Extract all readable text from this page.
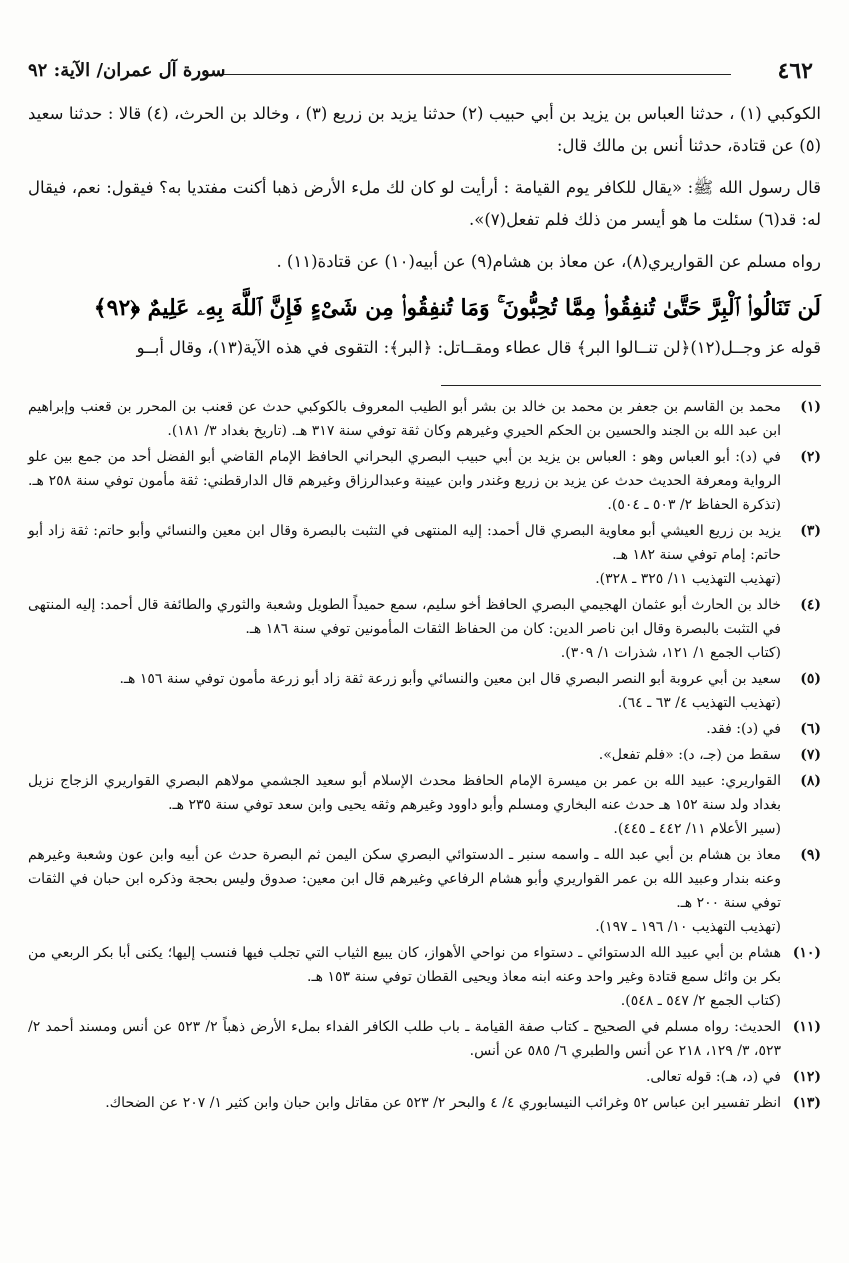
٤٦٢
سورة آل عمران/ الآية: ٩٢

الكوكبي (١) ، حدثنا العباس بن يزيد بن أبي حبيب (٢) حدثنا يزيد بن زريع (٣) ، وخالد بن الحرث، (٤) قالا : حدثنا سعيد (٥) عن قتادة، حدثنا أنس بن مالك قال:

قال رسول الله ﷺ: «يقال للكافر يوم القيامة : أرأيت لو كان لك ملء الأرض ذهبا أكنت مفتديا به؟ فيقول: نعم، فيقال له: قد(٦) سئلت ما هو أيسر من ذلك فلم تفعل(٧)».

رواه مسلم عن القواريري(٨)، عن معاذ بن هشام(٩) عن أبيه(١٠) عن قتادة(١١) .

لَن تَنَالُوا۟ ٱلْبِرَّ حَتَّىٰ تُنفِقُوا۟ مِمَّا تُحِبُّونَ ۚ وَمَا تُنفِقُوا۟ مِن شَىْءٍ فَإِنَّ ٱللَّهَ بِهِۦ عَلِيمٌ ﴿٩٢﴾

قوله عز وجــل(١٢)﴿لن تنــالوا البر﴾ قال عطاء ومقــاتل: ﴿البر﴾: التقوى في هذه الآية(١٣)، وقال أبــو

(١)
محمد بن القاسم بن جعفر بن محمد بن خالد بن بشر أبو الطيب المعروف بالكوكبي حدث عن قعنب بن المحرر بن قعنب وإبراهيم ابن عبد الله بن الجند والحسين بن الحكم الحيري وغيرهم وكان ثقة توفي سنة ٣١٧ هـ. (تاريخ بغداد ٣/ ١٨١).
(٢)
في (د): أبو العباس وهو : العباس بن يزيد بن أبي حبيب البصري البحراني الحافظ الإمام القاضي أبو الفضل أحد من جمع بين علو الرواية ومعرفة الحديث حدث عن يزيد بن زريع وغندر وابن عيينة وعبدالرزاق وغيرهم قال الدارقطني: ثقة مأمون توفي سنة ٢٥٨ هـ. (تذكرة الحفاظ ٢/ ٥٠٣ ـ ٥٠٤).
(٣)
يزيد بن زريع العيشي أبو معاوية البصري قال أحمد: إليه المنتهى في التثبت بالبصرة وقال ابن معين والنسائي وأبو حاتم: ثقة زاد أبو حاتم: إمام توفي سنة ١٨٢ هـ.
(تهذيب التهذيب ١١/ ٣٢٥ ـ ٣٢٨).
(٤)
خالد بن الحارث أبو عثمان الهجيمي البصري الحافظ أخو سليم، سمع حميداً الطويل وشعبة والثوري والطائفة قال أحمد: إليه المنتهى في التثبت بالبصرة وقال ابن ناصر الدين: كان من الحفاظ الثقات المأمونين توفي سنة ١٨٦ هـ.
(كتاب الجمع ١/ ١٢١، شذرات ١/ ٣٠٩).
(٥)
سعيد بن أبي عروبة أبو النصر البصري قال ابن معين والنسائي وأبو زرعة ثقة زاد أبو زرعة مأمون توفي سنة ١٥٦ هـ.
(تهذيب التهذيب ٤/ ٦٣ ـ ٦٤).
(٦)
في (د): فقد.
(٧)
سقط من (جـ، د): «فلم تفعل».
(٨)
القواريري: عبيد الله بن عمر بن ميسرة الإمام الحافظ محدث الإسلام أبو سعيد الجشمي مولاهم البصري القواريري الزجاج نزيل بغداد ولد سنة ١٥٢ هـ حدث عنه البخاري ومسلم وأبو داوود وغيرهم وثقه يحيى وابن سعد توفي سنة ٢٣٥ هـ.
(سير الأعلام ١١/ ٤٤٢ ـ ٤٤٥).
(٩)
معاذ بن هشام بن أبي عبد الله ـ واسمه سنبر ـ الدستوائي البصري سكن اليمن ثم البصرة حدث عن أبيه وابن عون وشعبة وغيرهم وعنه بندار وعبيد الله بن عمر القواريري وأبو هشام الرفاعي وغيرهم قال ابن معين: صدوق وليس بحجة وذكره ابن حبان في الثقات توفي سنة ٢٠٠ هـ.
(تهذيب التهذيب ١٠/ ١٩٦ ـ ١٩٧).
(١٠)
هشام بن أبي عبيد الله الدستوائي ـ دستواء من نواحي الأهواز، كان يبيع الثياب التي تجلب فيها فنسب إليها؛ يكنى أبا بكر الربعي من بكر بن وائل سمع قتادة وغير واحد وعنه ابنه معاذ ويحيى القطان توفي سنة ١٥٣ هـ.
(كتاب الجمع ٢/ ٥٤٧ ـ ٥٤٨).
(١١)
الحديث: رواه مسلم في الصحيح ـ كتاب صفة القيامة ـ باب طلب الكافر الفداء بملء الأرض ذهباً ٢/ ٥٢٣ عن أنس ومسند أحمد ٢/ ٥٢٣، ٣/ ١٢٩، ٢١٨ عن أنس والطبري ٦/ ٥٨٥ عن أنس.
(١٢)
في (د، هـ): قوله تعالى.
(١٣)
انظر تفسير ابن عباس ٥٢ وغرائب النيسابوري ٤/ ٤ والبحر ٢/ ٥٢٣ عن مقاتل وابن حبان وابن كثير ١/ ٢٠٧ عن الضحاك.
